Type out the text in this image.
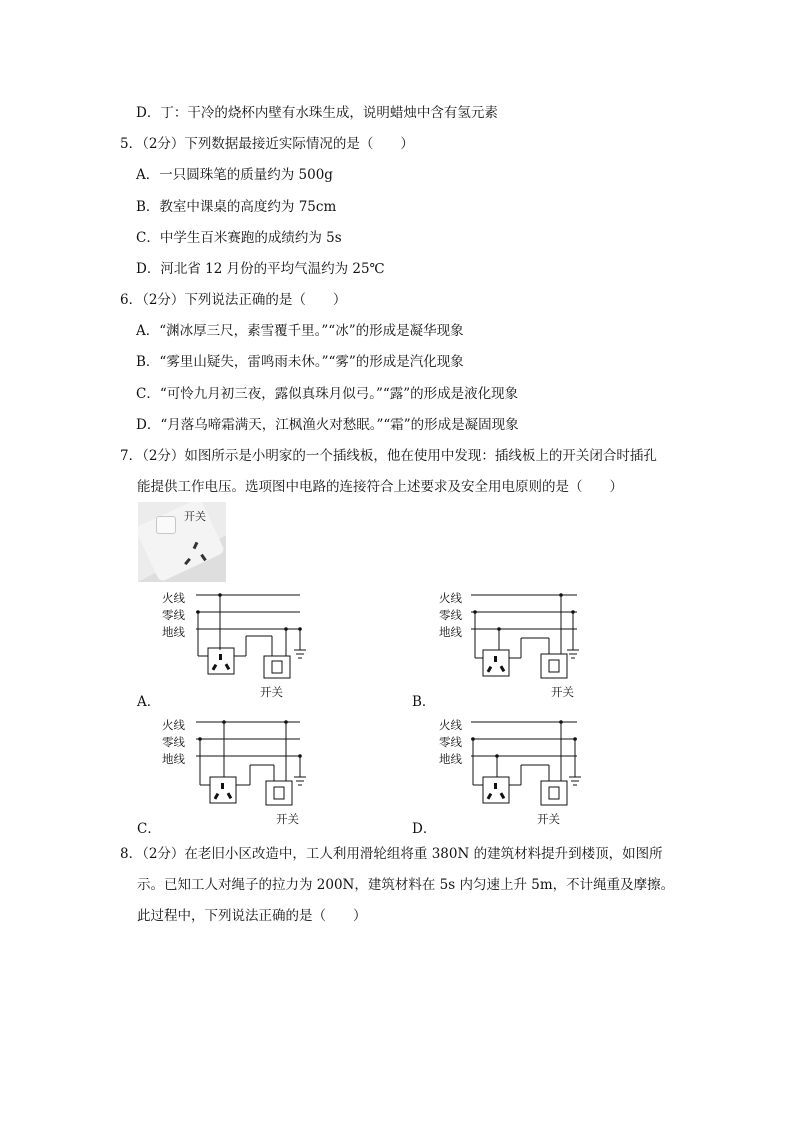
D．丁：干冷的烧杯内壁有水珠生成，说明蜡烛中含有氢元素
5．（2分）下列数据最接近实际情况的是（　　）
A．一只圆珠笔的质量约为 500g
B．教室中课桌的高度约为 75cm
C．中学生百米赛跑的成绩约为 5s
D．河北省 12 月份的平均气温约为 25℃
6．（2分）下列说法正确的是（　　）
A．“渊冰厚三尺，素雪覆千里。”“冰”的形成是凝华现象
B．“雾里山疑失，雷鸣雨未休。”“雾”的形成是汽化现象
C．“可怜九月初三夜，露似真珠月似弓。”“露”的形成是液化现象
D．“月落乌啼霜满天，江枫渔火对愁眠。”“霜”的形成是凝固现象
7．（2分）如图所示是小明家的一个插线板，他在使用中发现：插线板上的开关闭合时插孔
能提供工作电压。选项图中电路的连接符合上述要求及安全用电原则的是（　　）
开关
火线
零线
地线
开关
A．
火线
零线
地线
开关
B．
火线
零线
地线
开关
C．
火线
零线
地线
开关
D．
8．（2分）在老旧小区改造中，工人利用滑轮组将重 380N 的建筑材料提升到楼顶，如图所
示。已知工人对绳子的拉力为 200N，建筑材料在 5s 内匀速上升 5m，不计绳重及摩擦。
此过程中，下列说法正确的是（　　）
